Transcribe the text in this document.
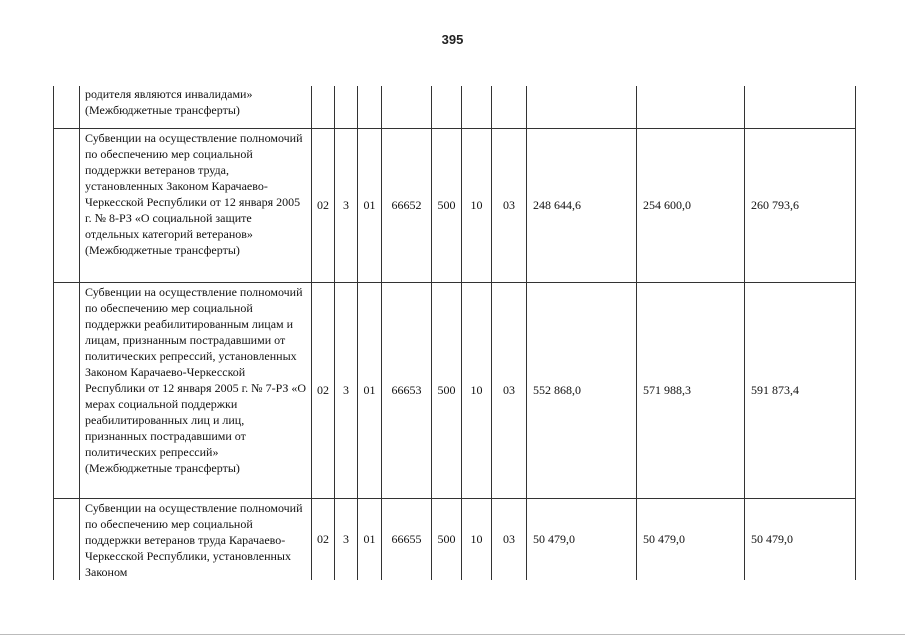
395
	родителя являются инвалидами» (Межбюджетные трансферты)										
	Субвенции на осуществление полномочий по обеспечению мер социальной поддержки ветеранов труда, установленных Законом Карачаево-Черкесской Республики от 12 января 2005 г. № 8-РЗ «О социальной защите отдельных категорий ветеранов» (Межбюджетные трансферты)	02	3	01	66652	500	10	03	248 644,6	254 600,0	260 793,6
	Субвенции на осуществление полномочий по обеспечению мер социальной поддержки реабилитированным лицам и лицам, признанным пострадавшими от политических репрессий, установленных Законом Карачаево-Черкесской Республики от 12 января 2005 г. № 7-РЗ «О мерах социальной поддержки реабилитированных лиц и лиц, признанных пострадавшими от политических репрессий» (Межбюджетные трансферты)	02	3	01	66653	500	10	03	552 868,0	571 988,3	591 873,4
	Субвенции на осуществление полномочий по обеспечению мер социальной поддержки ветеранов труда Карачаево-Черкесской Республики, установленных Законом	02	3	01	66655	500	10	03	50 479,0	50 479,0	50 479,0
